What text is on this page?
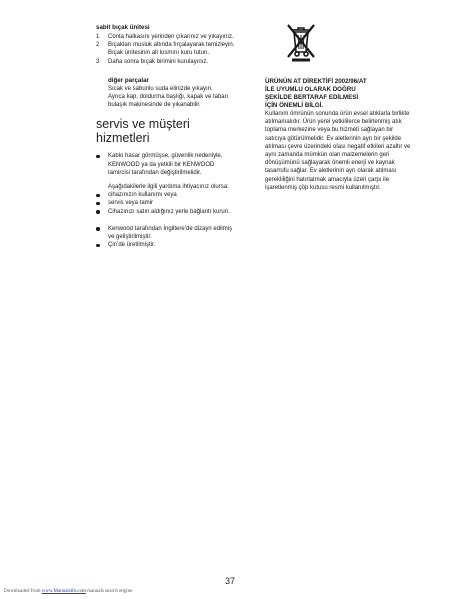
sabit bıçak ünitesi
1 Conta halkasını yerinden çıkarınız ve yıkayınız.
2 Bıçakları musluk altında fırçalayarak temizleyin. Bıçak ünitesinin alt kısmını kuru tutun.
3 Daha sonra bıçak birimini kurulayınız.
diğer parçalar
Sıcak ve sabunlu suda elinizde yıkayın.
Ayrıca kap, doldurma başlığı, kapak ve taban bulaşık makinesinde de yıkanabilir.
servis ve müşteri hizmetleri
Kablo hasar görmüşse, güvenlik nedeniyle, KENWOOD ya da yetkili bir KENWOOD tamircisi tarafından değiştirilmelidir.
Aşağıdakilerle ilgili yardıma ihtiyacınız olursa:
cihazınızın kullanımı veya
servis veya tamir
Cihazınızı satın aldığınız yerle bağlantı kurun.
Kenwood tarafından İngiltere’de dizayn edilmiş ve geliştirilmiştir.
Çin’de üretilmiştir.
ÜRÜNÜN AT DİREKTİFİ 2002/96/AT
İLE UYUMLU OLARAK DOĞRU
ŞEKİLDE BERTARAF EDİLMESİ
İÇİN ÖNEMLİ BİLGİ.
Kullanım ömrünün sonunda ürün evsel atıklarla birlikte atılmamalıdır. Ürün yerel yetkililerce belirlenmiş atık toplama merkezine veya bu hizmeti sağlayan bir satıcıya götürülmelidir. Ev aletlerinin ayrı bir şekilde atılması çevre üzerindeki olası negatif etkileri azaltır ve aynı zamanda mümkün olan malzemelerin geri dönüşümünü sağlayarak önemli enerji ve kaynak tasarrufu sağlar. Ev aletlerinin ayrı olarak atılması gerekliliğini hatırlatmak amacıyla üzeri çarpı ile işaretlenmiş çöp kutusu resmi kullanılmıştır.
37
Downloaded from www.Manualslib.com manuals search engine
